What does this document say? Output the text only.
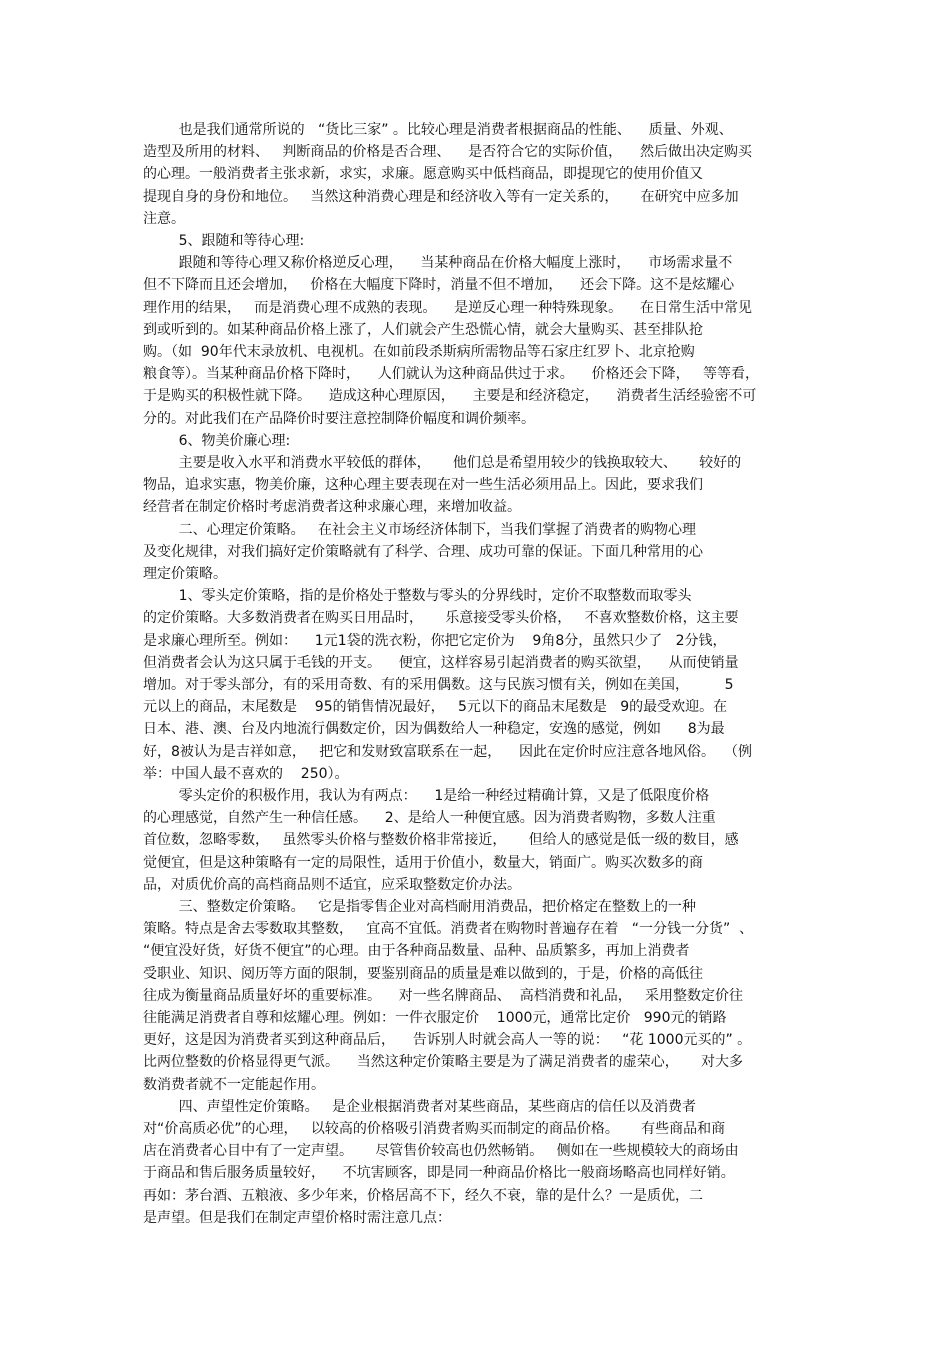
也是我们通常所说的   “货比三家” 。比较心理是消费者根据商品的性能、    质量、外观、
造型及所用的材料、   判断商品的价格是否合理、    是否符合它的实际价值，    然后做出决定购买
的心理。一般消费者主张求新，求实，求廉。愿意购买中低档商品，即提现它的使用价值又
提现自身的身份和地位。   当然这种消费心理是和经济收入等有一定关系的，     在研究中应多加
注意。
5、跟随和等待心理:
跟随和等待心理又称价格逆反心理，    当某种商品在价格大幅度上涨时，    市场需求量不
但不下降而且还会增加，   价格在大幅度下降时，消量不但不增加，    还会下降。这不是炫耀心
理作用的结果，   而是消费心理不成熟的表现。    是逆反心理一种特殊现象。    在日常生活中常见
到或听到的。如某种商品价格上涨了，人们就会产生恐慌心情，就会大量购买、甚至排队抢
购。（如  90年代末录放机、电视机。在如前段杀斯病所需物品等石家庄红罗卜、北京抢购
粮食等）。当某种商品价格下降时，    人们就认为这种商品供过于求。    价格还会下降，   等等看，
于是购买的积极性就下降。    造成这种心理原因，    主要是和经济稳定，    消费者生活经验密不可
分的。对此我们在产品降价时要注意控制降价幅度和调价频率。
6、物美价廉心理:
主要是收入水平和消费水平较低的群体，     他们总是希望用较少的钱换取较大、     较好的
物品，追求实惠，物美价廉，这种心理主要表现在对一些生活必须用品上。因此，要求我们
经营者在制定价格时考虑消费者这种求廉心理，来增加收益。
二、心理定价策略。   在社会主义市场经济体制下，当我们掌握了消费者的购物心理
及变化规律，对我们搞好定价策略就有了科学、合理、成功可靠的保证。下面几种常用的心
理定价策略。
1、零头定价策略，指的是价格处于整数与零头的分界线时，定价不取整数而取零头
的定价策略。大多数消费者在购买日用品时，     乐意接受零头价格，   不喜欢整数价格，这主要
是求廉心理所至。例如：    1元1袋的洗衣粉，你把它定价为    9角8分，虽然只少了   2分钱，
但消费者会认为这只属于毛钱的开支。    便宜，这样容易引起消费者的购买欲望，    从而使销量
增加。对于零头部分，有的采用奇数、有的采用偶数。这与民族习惯有关，例如在美国，        5
元以上的商品，末尾数是    95的销售情况最好，   5元以下的商品末尾数是   9的最受欢迎。在
日本、港、澳、台及内地流行偶数定价，因为偶数给人一种稳定，安逸的感觉，例如      8为最
好，8被认为是吉祥如意，   把它和发财致富联系在一起，    因此在定价时应注意各地风俗。  （例
举：中国人最不喜欢的    250）。
零头定价的积极作用，我认为有两点：    1是给一种经过精确计算，又是了低限度价格
的心理感觉，自然产生一种信任感。    2、是给人一种便宜感。因为消费者购物，多数人注重
首位数，忽略零数，   虽然零头价格与整数价格非常接近，     但给人的感觉是低一级的数目，感
觉便宜，但是这种策略有一定的局限性，适用于价值小，数量大，销面广。购买次数多的商
品，对质优价高的高档商品则不适宜，应采取整数定价办法。
三、整数定价策略。   它是指零售企业对高档耐用消费品，把价格定在整数上的一种
策略。特点是舍去零数取其整数，   宜高不宜低。消费者在购物时普遍存在着   “一分钱一分货”  、
“便宜没好货，好货不便宜”的心理。由于各种商品数量、品种、品质繁多，再加上消费者
受职业、知识、阅历等方面的限制，要鉴别商品的质量是难以做到的，于是，价格的高低往
往成为衡量商品质量好坏的重要标准。    对一些名牌商品、  高档消费和礼品，   采用整数定价往
往能满足消费者自尊和炫耀心理。例如：一件衣服定价    1000元，通常比定价   990元的销路
更好，这是因为消费者买到这种商品后，    告诉别人时就会高人一等的说：   “花 1000元买的” 。
比两位整数的价格显得更气派。    当然这种定价策略主要是为了满足消费者的虚荣心，     对大多
数消费者就不一定能起作用。
四、声望性定价策略。   是企业根据消费者对某些商品，某些商店的信任以及消费者
对“价高质必优”的心理，   以较高的价格吸引消费者购买而制定的商品价格。     有些商品和商
店在消费者心目中有了一定声望。     尽管售价较高也仍然畅销。   侧如在一些规模较大的商场由
于商品和售后服务质量较好，    不坑害顾客，即是同一种商品价格比一般商场略高也同样好销。
再如：茅台酒、五粮液、多少年来，价格居高不下，经久不衰，靠的是什么？一是质优，二
是声望。但是我们在制定声望价格时需注意几点：
